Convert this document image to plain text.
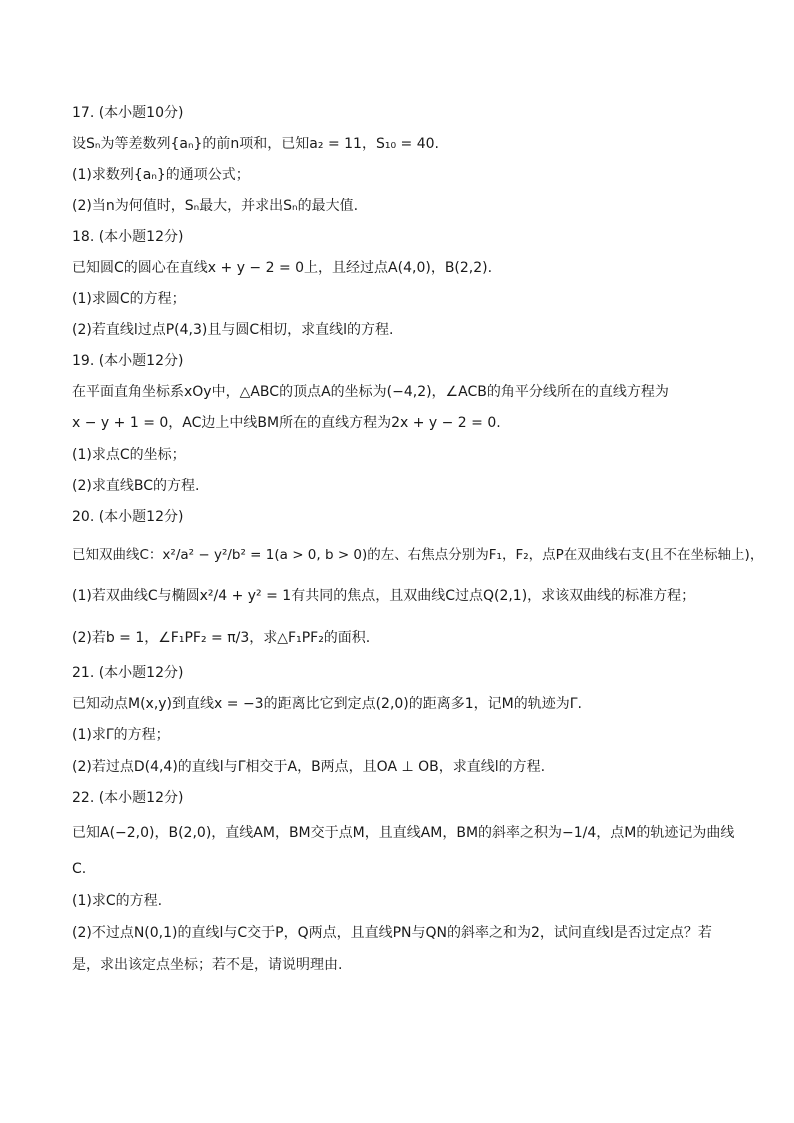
17. (本小题10分)
设Sₙ为等差数列{aₙ}的前n项和，已知a₂ = 11，S₁₀ = 40.
(1)求数列{aₙ}的通项公式；
(2)当n为何值时，Sₙ最大，并求出Sₙ的最大值.
18. (本小题12分)
已知圆C的圆心在直线x + y − 2 = 0上，且经过点A(4,0)，B(2,2).
(1)求圆C的方程；
(2)若直线l过点P(4,3)且与圆C相切，求直线l的方程.
19. (本小题12分)
在平面直角坐标系xOy中，△ABC的顶点A的坐标为(−4,2)，∠ACB的角平分线所在的直线方程为
x − y + 1 = 0，AC边上中线BM所在的直线方程为2x + y − 2 = 0.
(1)求点C的坐标；
(2)求直线BC的方程.
20. (本小题12分)
已知双曲线C：x²/a² − y²/b² = 1(a > 0, b > 0)的左、右焦点分别为F₁，F₂，点P在双曲线右支(且不在坐标轴上)，
(1)若双曲线C与椭圆x²/4 + y² = 1有共同的焦点，且双曲线C过点Q(2,1)，求该双曲线的标准方程；
(2)若b = 1，∠F₁PF₂ = π/3，求△F₁PF₂的面积.
21. (本小题12分)
已知动点M(x,y)到直线x = −3的距离比它到定点(2,0)的距离多1，记M的轨迹为Γ.
(1)求Γ的方程；
(2)若过点D(4,4)的直线l与Γ相交于A，B两点，且OA ⊥ OB，求直线l的方程.
22. (本小题12分)
已知A(−2,0)，B(2,0)，直线AM，BM交于点M，且直线AM，BM的斜率之积为−1/4，点M的轨迹记为曲线
C.
(1)求C的方程.
(2)不过点N(0,1)的直线l与C交于P，Q两点，且直线PN与QN的斜率之和为2，试问直线l是否过定点？若
是，求出该定点坐标；若不是，请说明理由.
